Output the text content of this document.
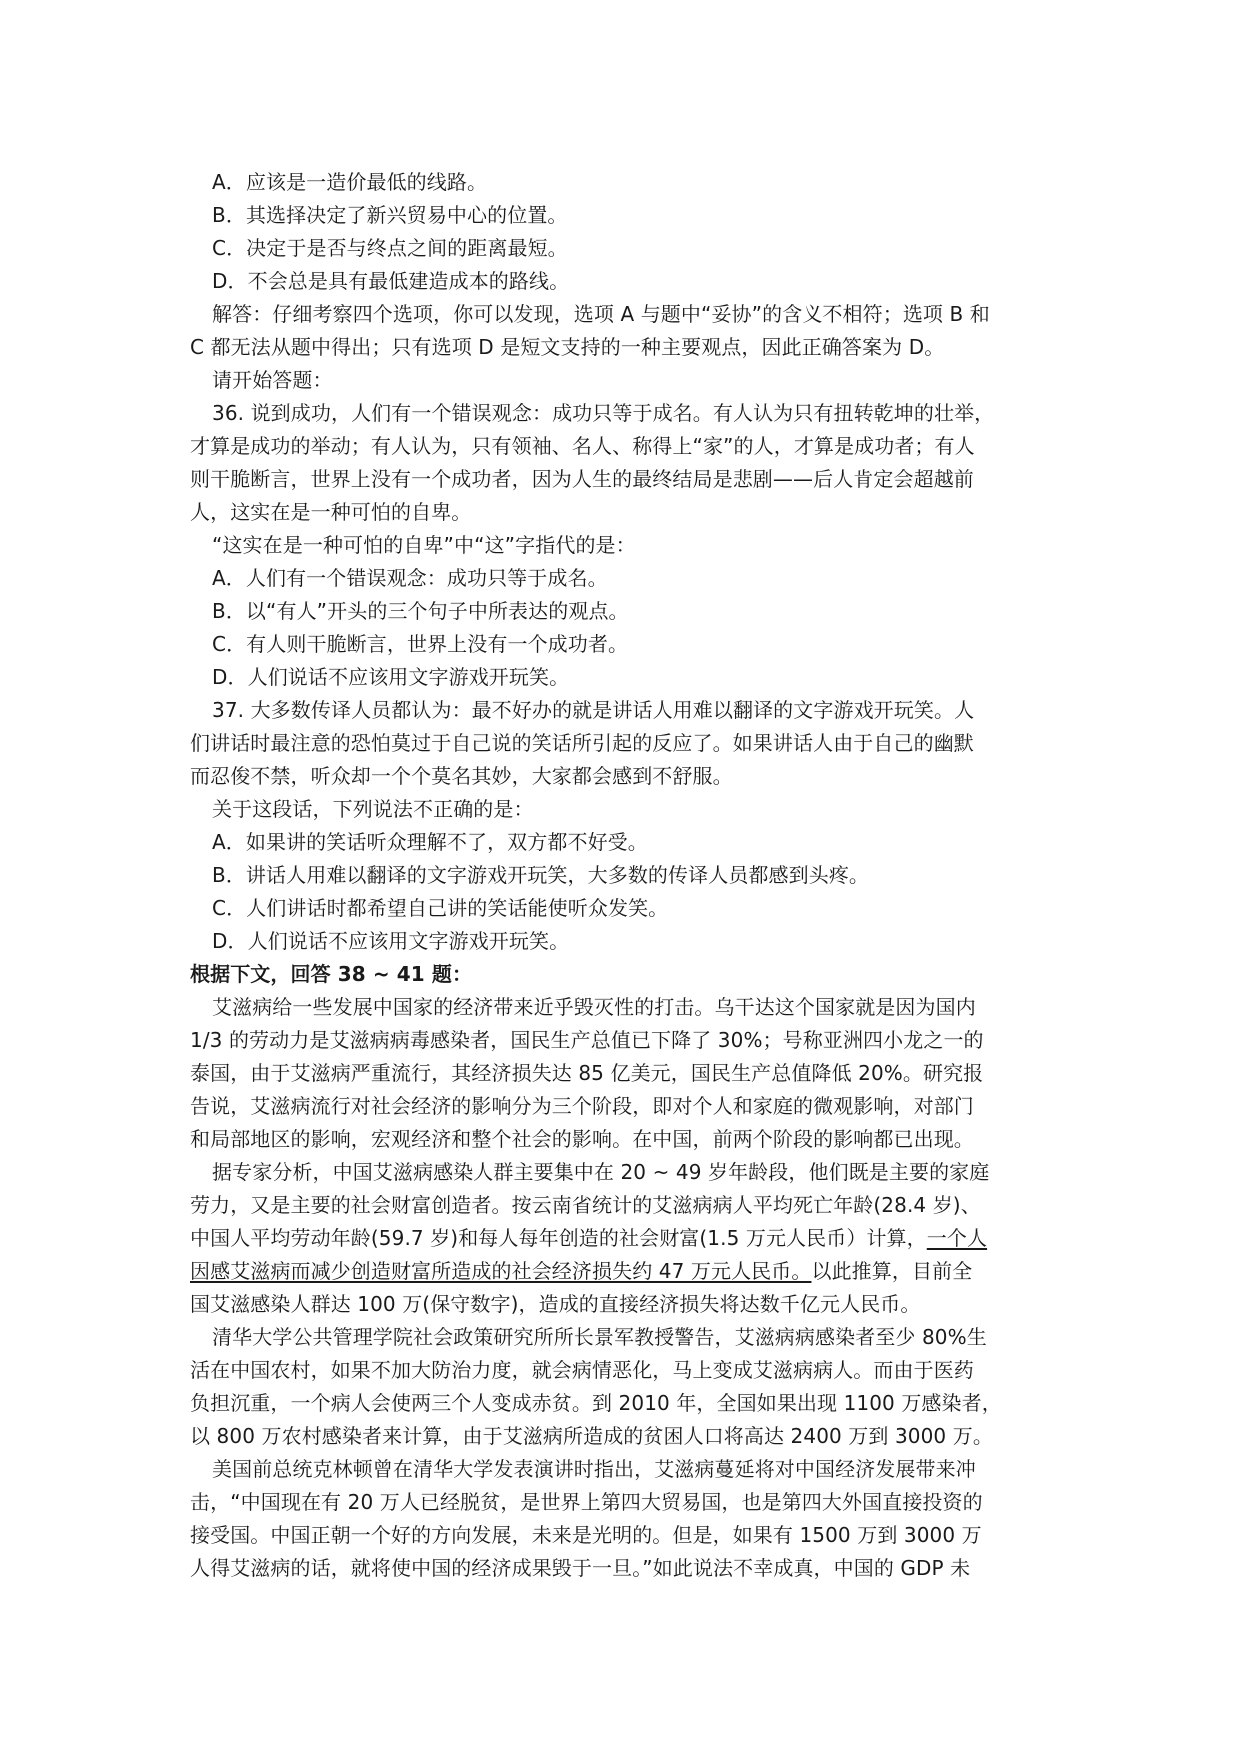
A．应该是一造价最低的线路。
B．其选择决定了新兴贸易中心的位置。
C．决定于是否与终点之间的距离最短。
D．不会总是具有最低建造成本的路线。
解答：仔细考察四个选项，你可以发现，选项 A 与题中“妥协”的含义不相符；选项 B 和
C 都无法从题中得出；只有选项 D 是短文支持的一种主要观点，因此正确答案为 D。
请开始答题：
36. 说到成功，人们有一个错误观念：成功只等于成名。有人认为只有扭转乾坤的壮举，
才算是成功的举动；有人认为，只有领袖、名人、称得上“家”的人，才算是成功者；有人
则干脆断言，世界上没有一个成功者，因为人生的最终结局是悲剧——后人肯定会超越前
人，这实在是一种可怕的自卑。
“这实在是一种可怕的自卑”中“这”字指代的是：
A．人们有一个错误观念：成功只等于成名。
B．以“有人”开头的三个句子中所表达的观点。
C．有人则干脆断言，世界上没有一个成功者。
D．人们说话不应该用文字游戏开玩笑。
37. 大多数传译人员都认为：最不好办的就是讲话人用难以翻译的文字游戏开玩笑。人
们讲话时最注意的恐怕莫过于自己说的笑话所引起的反应了。如果讲话人由于自己的幽默
而忍俊不禁，听众却一个个莫名其妙，大家都会感到不舒服。
关于这段话，下列说法不正确的是：
A．如果讲的笑话听众理解不了，双方都不好受。
B．讲话人用难以翻译的文字游戏开玩笑，大多数的传译人员都感到头疼。
C．人们讲话时都希望自己讲的笑话能使听众发笑。
D．人们说话不应该用文字游戏开玩笑。
根据下文，回答 38 ~ 41 题：
艾滋病给一些发展中国家的经济带来近乎毁灭性的打击。乌干达这个国家就是因为国内
1/3 的劳动力是艾滋病病毒感染者，国民生产总值已下降了 30%；号称亚洲四小龙之一的
泰国，由于艾滋病严重流行，其经济损失达 85 亿美元，国民生产总值降低 20%。研究报
告说，艾滋病流行对社会经济的影响分为三个阶段，即对个人和家庭的微观影响，对部门
和局部地区的影响，宏观经济和整个社会的影响。在中国，前两个阶段的影响都已出现。
据专家分析，中国艾滋病感染人群主要集中在 20 ~ 49 岁年龄段，他们既是主要的家庭
劳力，又是主要的社会财富创造者。按云南省统计的艾滋病病人平均死亡年龄(28.4 岁)、
中国人平均劳动年龄(59.7 岁)和每人每年创造的社会财富(1.5 万元人民币）计算，一个人
因感艾滋病而减少创造财富所造成的社会经济损失约 47 万元人民币。以此推算，目前全
国艾滋感染人群达 100 万(保守数字)，造成的直接经济损失将达数千亿元人民币。
清华大学公共管理学院社会政策研究所所长景军教授警告，艾滋病病感染者至少 80%生
活在中国农村，如果不加大防治力度，就会病情恶化，马上变成艾滋病病人。而由于医药
负担沉重，一个病人会使两三个人变成赤贫。到 2010 年，全国如果出现 1100 万感染者，
以 800 万农村感染者来计算，由于艾滋病所造成的贫困人口将高达 2400 万到 3000 万。
美国前总统克林顿曾在清华大学发表演讲时指出，艾滋病蔓延将对中国经济发展带来冲
击，“中国现在有 20 万人已经脱贫，是世界上第四大贸易国，也是第四大外国直接投资的
接受国。中国正朝一个好的方向发展，未来是光明的。但是，如果有 1500 万到 3000 万
人得艾滋病的话，就将使中国的经济成果毁于一旦。”如此说法不幸成真，中国的 GDP 未
